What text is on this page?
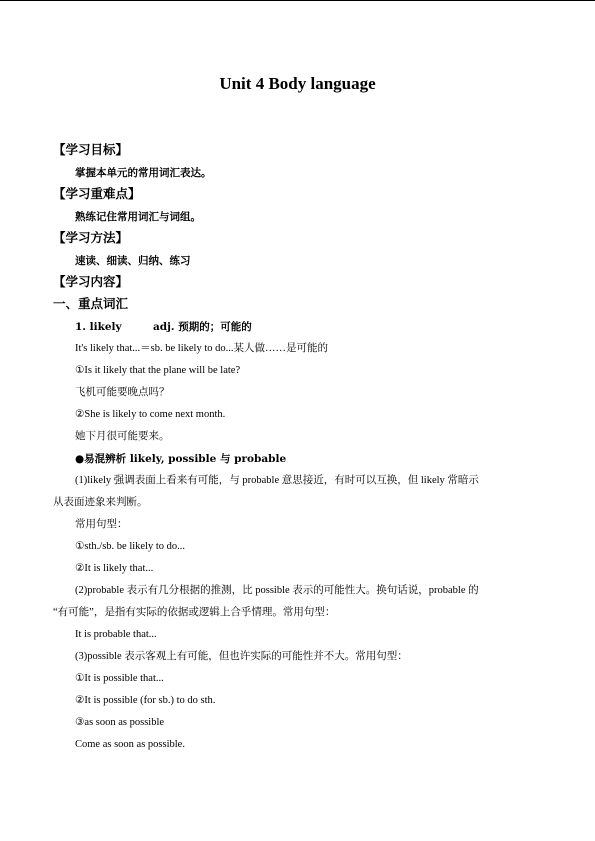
Unit 4 Body language
【学习目标】
掌握本单元的常用词汇表达。
【学习重难点】
熟练记住常用词汇与词组。
【学习方法】
速读、细读、归纳、练习
【学习内容】
一、重点词汇
1. likely	adj. 预期的；可能的
It's likely that...＝sb. be likely to do...某人做……是可能的
①Is it likely that the plane will be late?
飞机可能要晚点吗？
②She is likely to come next month.
她下月很可能要来。
●易混辨析 likely, possible 与 probable
(1)likely 强调表面上看来有可能，与 probable 意思接近，有时可以互换，但 likely 常暗示
从表面迹象来判断。
常用句型：
①sth./sb. be likely to do...
②It is likely that...
(2)probable 表示有几分根据的推测，比 possible 表示的可能性大。换句话说，probable 的
“有可能”，是指有实际的依据或逻辑上合乎情理。常用句型：
It is probable that...
(3)possible 表示客观上有可能，但也许实际的可能性并不大。常用句型：
①It is possible that...
②It is possible (for sb.) to do sth.
③as soon as possible
Come as soon as possible.
